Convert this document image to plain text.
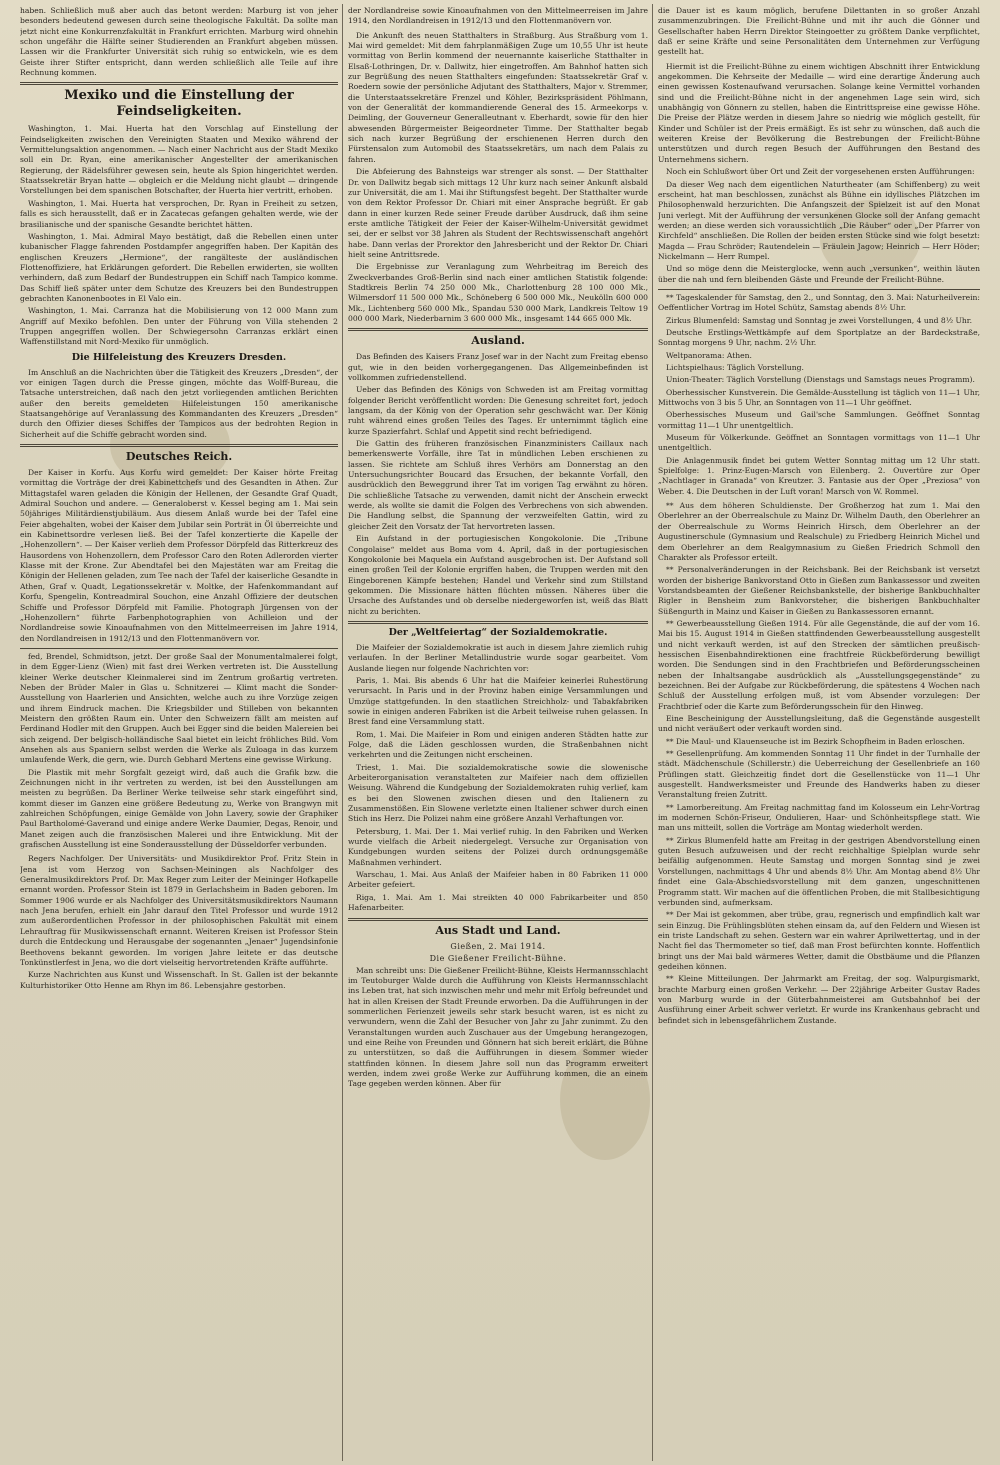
haben. Schließlich muß aber auch das betont werden: Marburg ist von jeher besonders bedeutend gewesen durch seine theologische Fakultät. Da sollte man jetzt nicht eine Konkurrenzfakultät in Frankfurt errichten. Marburg wird ohnehin schon ungefähr die Hälfte seiner Studierenden an Frankfurt abgeben müssen. Lassen wir die Frankfurter Universität sich ruhig so entwickeln, wie es dem Geiste ihrer Stifter entspricht, dann werden schließlich alle Teile auf ihre Rechnung kommen.

Mexiko und die Einstellung der Feindseligkeiten.

Washington, 1. Mai. Huerta hat den Vorschlag auf Einstellung der Feindseligkeiten zwischen den Vereinigten Staaten und Mexiko während der Vermittelungsaktion angenommen. — Nach einer Nachricht aus der Stadt Mexiko soll ein Dr. Ryan, eine amerikanischer Angestellter der amerikanischen Regierung, der Rädelsführer gewesen sein, heute als Spion hingerichtet werden. Staatssekretär Bryan hatte — obgleich er die Meldung nicht glaubt — dringende Vorstellungen bei dem spanischen Botschafter, der Huerta hier vertritt, erhoben.

Washington, 1. Mai. Huerta hat versprochen, Dr. Ryan in Freiheit zu setzen, falls es sich herausstellt, daß er in Zacatecas gefangen gehalten werde, wie der brasilianische und der spanische Gesandte berichtet hätten.

Washington, 1. Mai. Admiral Mayo bestätigt, daß die Rebellen einen unter kubanischer Flagge fahrenden Postdampfer angegriffen haben. Der Kapitän des englischen Kreuzers „Hermione“, der rangälteste der ausländischen Flottenoffiziere, hat Erklärungen gefordert. Die Rebellen erwiderten, sie wollten verhindern, daß zum Bedarf der Bundestruppen ein Schiff nach Tampico komme. Das Schiff ließ später unter dem Schutze des Kreuzers bei den Bundestruppen gebrachten Kanonenbootes in El Valo ein.

Washington, 1. Mai. Carranza hat die Mobilisierung von 12 000 Mann zum Angriff auf Mexiko befohlen. Den unter der Führung von Villa stehenden 2 Truppen angegriffen wollen. Der Schwiegersohn Carranzas erklärt einen Waffenstillstand mit Nord-Mexiko für unmöglich.

Die Hilfeleistung des Kreuzers Dresden.

Im Anschluß an die Nachrichten über die Tätigkeit des Kreuzers „Dresden“, der vor einigen Tagen durch die Presse gingen, möchte das Wolff-Bureau, die Tatsache unterstreichen, daß nach den jetzt vorliegenden amtlichen Berichten außer den bereits gemeldeten Hilfeleistungen 150 amerikanische Staatsangehörige auf Veranlassung des Kommandanten des Kreuzers „Dresden“ durch den Offizier dieses Schiffes der Tampicos aus der bedrohten Region in Sicherheit auf die Schiffe gebracht worden sind.

Deutsches Reich.

Der Kaiser in Korfu. Aus Korfu wird gemeldet: Der Kaiser hörte Freitag vormittag die Vorträge der drei Kabinettchefs und des Gesandten in Athen. Zur Mittagstafel waren geladen die Königin der Hellenen, der Gesandte Graf Quadt, Admiral Souchon und andere. — Generaloberst v. Kessel beging am 1. Mai sein 50jähriges Militärdienstjubiläum. Aus diesem Anlaß wurde bei der Tafel eine Feier abgehalten, wobei der Kaiser dem Jubilar sein Porträt in Öl überreichte und ein Kabinettsordre verlesen ließ. Bei der Tafel konzertierte die Kapelle der „Hohenzollern“. — Der Kaiser verlieh dem Professor Dörpfeld das Ritterkreuz des Hausordens von Hohenzollern, dem Professor Caro den Roten Adlerorden vierter Klasse mit der Krone. Zur Abendtafel bei den Majestäten war am Freitag die Königin der Hellenen geladen, zum Tee nach der Tafel der kaiserliche Gesandte in Athen, Graf v. Quadt, Legationssekretär v. Moltke, der Hafenkommandant auf Korfu, Spengelin, Kontreadmiral Souchon, eine Anzahl Offiziere der deutschen Schiffe und Professor Dörpfeld mit Familie. Photograph Jürgensen von der „Hohenzollern“ führte Farbenphotographien von Achilleion und der Nordlandreise sowie Kinoaufnahmen von den Mittelmeerreisen im Jahre 1914, den Nordlandreisen in 1912/13 und den Flottenmanövern vor.

fed, Brendel, Schmidtson, jetzt. Der große Saal der Monumentalmalerei folgt, in dem Egger-Lienz (Wien) mit fast drei Werken vertreten ist. Die Ausstellung kleiner Werke deutscher Kleinmalerei sind im Zentrum großartig vertreten. Neben der Brüder Maler in Glas u. Schnitzerei — Klimt macht die Sonder-Ausstellung von Haarlerien und Ansichten, welche auch zu ihre Vorzüge zeigen und ihrem Eindruck machen. Die Kriegsbilder und Stilleben von bekannten Meistern den größten Raum ein. Unter den Schweizern fällt am meisten auf Ferdinand Hodler mit den Gruppen. Auch bei Egger sind die beiden Malereien bei sich zeigend. Der belgisch-holländische Saal bietet ein leicht fröhliches Bild. Vom Ansehen als aus Spaniern selbst werden die Werke als Zuloaga in das kurzem umlaufende Werk, die gern, wie. Durch Gebhard Mertens eine gewisse Wirkung.

Die Plastik mit mehr Sorgfalt gezeigt wird, daß auch die Grafik bzw. die Zeichnungen nicht in ihr vertreten zu werden, ist bei den Ausstellungen am meisten zu begrüßen. Da Berliner Werke teilweise sehr stark eingeführt sind, kommt dieser im Ganzen eine größere Bedeutung zu, Werke von Brangwyn mit zahlreichen Schöpfungen, einige Gemälde von John Lavery, sowie der Graphiker Paul Bartholomé-Gaverand und einige andere Werke Daumier, Degas, Renoir, und Manet zeigen auch die französischen Malerei und ihre Entwicklung. Mit der grafischen Ausstellung ist eine Sonderausstellung der Düsseldorfer verbunden.

Regers Nachfolger. Der Universitäts- und Musikdirektor Prof. Fritz Stein in Jena ist vom Herzog von Sachsen-Meiningen als Nachfolger des Generalmusikdirektors Prof. Dr. Max Reger zum Leiter der Meininger Hofkapelle ernannt worden. Professor Stein ist 1879 in Gerlachsheim in Baden geboren. Im Sommer 1906 wurde er als Nachfolger des Universitätsmusikdirektors Naumann nach Jena berufen, erhielt ein Jahr darauf den Titel Professor und wurde 1912 zum außerordentlichen Professor in der philosophischen Fakultät mit einem Lehrauftrag für Musikwissenschaft ernannt. Weiteren Kreisen ist Professor Stein durch die Entdeckung und Herausgabe der sogenannten „Jenaer“ Jugendsinfonie Beethovens bekannt geworden. Im vorigen Jahre leitete er das deutsche Tonkünstlerfest in Jena, wo die dort vielseitig hervortretenden Kräfte aufführte.

Kurze Nachrichten aus Kunst und Wissenschaft. In St. Gallen ist der bekannte Kulturhistoriker Otto Henne am Rhyn im 86. Lebensjahre gestorben.

der Nordlandreise sowie Kinoaufnahmen von den Mittelmeerreisen im Jahre 1914, den Nordlandreisen in 1912/13 und den Flottenmanövern vor.

Die Ankunft des neuen Statthalters in Straßburg. Aus Straßburg vom 1. Mai wird gemeldet: Mit dem fahrplanmäßigen Zuge um 10,55 Uhr ist heute vormittag von Berlin kommend der neuernannte kaiserliche Statthalter in Elsaß-Lothringen, Dr. v. Dallwitz, hier eingetroffen. Am Bahnhof hatten sich zur Begrüßung des neuen Statthalters eingefunden: Staatssekretär Graf v. Roedern sowie der persönliche Adjutant des Statthalters, Major v. Stremmer, die Unterstaatssekretäre Frenzel und Köhler, Bezirkspräsident Pöhlmann, von der Generalität der kommandierende General des 15. Armeekorps v. Deimling, der Gouverneur Generalleutnant v. Eberhardt, sowie für den hier abwesenden Bürgermeister Beigeordneter Timme. Der Statthalter begab sich nach kurzer Begrüßung der erschienenen Herren durch den Fürstensalon zum Automobil des Staatssekretärs, um nach dem Palais zu fahren.

Die Abfeierung des Bahnsteigs war strenger als sonst. — Der Statthalter Dr. von Dallwitz begab sich mittags 12 Uhr kurz nach seiner Ankunft alsbald zur Universität, die am 1. Mai ihr Stiftungsfest begeht. Der Statthalter wurde von dem Rektor Professor Dr. Chiari mit einer Ansprache begrüßt. Er gab dann in einer kurzen Rede seiner Freude darüber Ausdruck, daß ihm seine erste amtliche Tätigkeit der Feier der Kaiser-Wilhelm-Universität gewidmet sei, der er selbst vor 38 Jahren als Student der Rechtswissenschaft angehört habe. Dann verlas der Prorektor den Jahresbericht und der Rektor Dr. Chiari hielt seine Antrittsrede.

Die Ergebnisse zur Veranlagung zum Wehrbeitrag im Bereich des Zweckverbandes Groß-Berlin sind nach einer amtlichen Statistik folgende: Stadtkreis Berlin 74 250 000 Mk., Charlottenburg 28 100 000 Mk., Wilmersdorf 11 500 000 Mk., Schöneberg 6 500 000 Mk., Neukölln 600 000 Mk., Lichtenberg 560 000 Mk., Spandau 530 000 Mark, Landkreis Teltow 19 000 000 Mark, Niederbarnim 3 600 000 Mk., insgesamt 144 665 000 Mk.

Ausland.

Das Befinden des Kaisers Franz Josef war in der Nacht zum Freitag ebenso gut, wie in den beiden vorhergegangenen. Das Allgemeinbefinden ist vollkommen zufriedenstellend.

Ueber das Befinden des Königs von Schweden ist am Freitag vormittag folgender Bericht veröffentlicht worden: Die Genesung schreitet fort, jedoch langsam, da der König von der Operation sehr geschwächt war. Der König ruht während eines großen Teiles des Tages. Er unternimmt täglich eine kurze Spazierfahrt. Schlaf und Appetit sind recht befriedigend.

Die Gattin des früheren französischen Finanzministers Caillaux nach bemerkenswerte Vorfälle, ihre Tat in mündlichen Leben erschienen zu lassen. Sie richtete am Schluß ihres Verhörs am Donnerstag an den Untersuchungsrichter Boucard das Ersuchen, der bekannte Vorfall, den ausdrücklich den Beweggrund ihrer Tat im vorigen Tag erwähnt zu hören. Die schließliche Tatsache zu verwenden, damit nicht der Anschein erweckt werde, als wollte sie damit die Folgen des Verbrechens von sich abwenden. Die Handlung selbst, die Spannung der verzweifelten Gattin, wird zu gleicher Zeit den Vorsatz der Tat hervortreten lassen.

Ein Aufstand in der portugiesischen Kongokolonie. Die „Tribune Congolaise“ meldet aus Boma vom 4. April, daß in der portugiesischen Kongokolonie bei Maquela ein Aufstand ausgebrochen ist. Der Aufstand soll einen großen Teil der Kolonie ergriffen haben, die Truppen werden mit den Eingeborenen Kämpfe bestehen; Handel und Verkehr sind zum Stillstand gekommen. Die Missionare hätten flüchten müssen. Näheres über die Ursache des Aufstandes und ob derselbe niedergeworfen ist, weiß das Blatt nicht zu berichten.

Der „Weltfeiertag“ der Sozialdemokratie.

Die Maifeier der Sozialdemokratie ist auch in diesem Jahre ziemlich ruhig verlaufen. In der Berliner Metallindustrie wurde sogar gearbeitet. Vom Auslande liegen nur folgende Nachrichten vor:

Paris, 1. Mai. Bis abends 6 Uhr hat die Maifeier keinerlei Ruhestörung verursacht. In Paris und in der Provinz haben einige Versammlungen und Umzüge stattgefunden. In den staatlichen Streichholz- und Tabakfabriken sowie in einigen anderen Fabriken ist die Arbeit teilweise ruhen gelassen. In Brest fand eine Versammlung statt.

Rom, 1. Mai. Die Maifeier in Rom und einigen anderen Städten hatte zur Folge, daß die Läden geschlossen wurden, die Straßenbahnen nicht verkehrten und die Zeitungen nicht erscheinen.

Triest, 1. Mai. Die sozialdemokratische sowie die slowenische Arbeiterorganisation veranstalteten zur Maifeier nach dem offiziellen Weisung. Während die Kundgebung der Sozialdemokraten ruhig verlief, kam es bei den Slowenen zwischen diesen und den Italienern zu Zusammenstößen. Ein Slowene verletzte einen Italiener schwer durch einen Stich ins Herz. Die Polizei nahm eine größere Anzahl Verhaftungen vor.

Petersburg, 1. Mai. Der 1. Mai verlief ruhig. In den Fabriken und Werken wurde vielfach die Arbeit niedergelegt. Versuche zur Organisation von Kundgebungen wurden seitens der Polizei durch ordnungsgemäße Maßnahmen verhindert.

Warschau, 1. Mai. Aus Anlaß der Maifeier haben in 80 Fabriken 11 000 Arbeiter gefeiert.

Riga, 1. Mai. Am 1. Mai streikten 40 000 Fabrikarbeiter und 850 Hafenarbeiter.

Aus Stadt und Land.
Gießen, 2. Mai 1914.
Die Gießener Freilicht-Bühne.

Man schreibt uns: Die Gießener Freilicht-Bühne, Kleists Hermannsschlacht im Teutoburger Walde durch die Aufführung von Kleists Hermannsschlacht ins Leben trat, hat sich inzwischen mehr und mehr mit Erfolg befreundet und hat in allen Kreisen der Stadt Freunde erworben. Da die Aufführungen in der sommerlichen Ferienzeit jeweils sehr stark besucht waren, ist es nicht zu verwundern, wenn die Zahl der Besucher von Jahr zu Jahr zunimmt. Zu den Veranstaltungen wurden auch Zuschauer aus der Umgebung herangezogen, und eine Reihe von Freunden und Gönnern hat sich bereit erklärt, die Bühne zu unterstützen, so daß die Aufführungen in diesem Sommer wieder stattfinden können. In diesem Jahre soll nun das Programm erweitert werden, indem zwei große Werke zur Aufführung kommen, die an einem Tage gegeben werden können. Aber für

die Dauer ist es kaum möglich, berufene Dilettanten in so großer Anzahl zusammenzubringen. Die Freilicht-Bühne und mit ihr auch die Gönner und Gesellschafter haben Herrn Direktor Steingoetter zu größtem Danke verpflichtet, daß er seine Kräfte und seine Personalitäten dem Unternehmen zur Verfügung gestellt hat.

Hiermit ist die Freilicht-Bühne zu einem wichtigen Abschnitt ihrer Entwicklung angekommen. Die Kehrseite der Medaille — wird eine derartige Änderung auch einen gewissen Kostenaufwand verursachen. Solange keine Vermittel vorhanden sind und die Freilicht-Bühne nicht in der angenehmen Lage sein wird, sich unabhängig von Gönnern zu stellen, haben die Eintrittspreise eine gewisse Höhe. Die Preise der Plätze werden in diesem Jahre so niedrig wie möglich gestellt, für Kinder und Schüler ist der Preis ermäßigt. Es ist sehr zu wünschen, daß auch die weiteren Kreise der Bevölkerung die Bestrebungen der Freilicht-Bühne unterstützen und durch regen Besuch der Aufführungen den Bestand des Unternehmens sichern.

Noch ein Schlußwort über Ort und Zeit der vorgesehenen ersten Aufführungen:

Da dieser Weg nach dem eigentlichen Naturtheater (am Schiffenberg) zu weit erscheint, hat man beschlossen, zunächst als Bühne ein idyllisches Plätzchen im Philosophenwald herzurichten. Die Anfangszeit der Spielzeit ist auf den Monat Juni verlegt. Mit der Aufführung der versunkenen Glocke soll der Anfang gemacht werden; an diese werden sich voraussichtlich „Die Räuber“ oder „Der Pfarrer von Kirchfeld“ anschließen. Die Rollen der beiden ersten Stücke sind wie folgt besetzt: Magda — Frau Schröder; Rautendelein — Fräulein Jagow; Heinrich — Herr Höder; Nickelmann — Herr Rumpel.

Und so möge denn die Meisterglocke, wenn auch „versunken“, weithin läuten über die nah und fern bleibenden Gäste und Freunde der Freilicht-Bühne.

** Tageskalender für Samstag, den 2., und Sonntag, den 3. Mai: Naturheilverein: Oeffentlicher Vortrag im Hotel Schütz, Samstag abends 8½ Uhr.

Zirkus Blumenfeld: Samstag und Sonntag je zwei Vorstellungen, 4 und 8½ Uhr.

Deutsche Erstlings-Wettkämpfe auf dem Sportplatze an der Bardeckstraße, Sonntag morgens 9 Uhr, nachm. 2½ Uhr.

Weltpanorama: Athen.

Lichtspielhaus: Täglich Vorstellung.

Union-Theater: Täglich Vorstellung (Dienstags und Samstags neues Programm).

Oberhessischer Kunstverein. Die Gemälde-Ausstellung ist täglich von 11—1 Uhr, Mittwochs von 3 bis 5 Uhr, an Sonntagen von 11—1 Uhr geöffnet.

Oberhessisches Museum und Gail'sche Sammlungen. Geöffnet Sonntag vormittag 11—1 Uhr unentgeltlich.

Museum für Völkerkunde. Geöffnet an Sonntagen vormittags von 11—1 Uhr unentgeltlich.

Die Anlagenmusik findet bei gutem Wetter Sonntag mittag um 12 Uhr statt. Spielfolge: 1. Prinz-Eugen-Marsch von Eilenberg. 2. Ouvertüre zur Oper „Nachtlager in Granada“ von Kreutzer. 3. Fantasie aus der Oper „Preziosa“ von Weber. 4. Die Deutschen in der Luft voran! Marsch von W. Rommel.

** Aus dem höheren Schuldienste. Der Großherzog hat zum 1. Mai den Oberlehrer an der Oberrealschule zu Mainz Dr. Wilhelm Dauth, den Oberlehrer an der Oberrealschule zu Worms Heinrich Hirsch, dem Oberlehrer an der Augustinerschule (Gymnasium und Realschule) zu Friedberg Heinrich Michel und dem Oberlehrer an dem Realgymnasium zu Gießen Friedrich Schmoll den Charakter als Professor erteilt.

** Personalveränderungen in der Reichsbank. Bei der Reichsbank ist versetzt worden der bisherige Bankvorstand Otto in Gießen zum Bankassessor und zweiten Vorstandsbeamten der Gießener Reichsbankstelle, der bisherige Bankbuchhalter Rigler in Bensheim zum Bankvorsteher, die bisherigen Bankbuchhalter Süßengurth in Mainz und Kaiser in Gießen zu Bankassessoren ernannt.

** Gewerbeausstellung Gießen 1914. Für alle Gegenstände, die auf der vom 16. Mai bis 15. August 1914 in Gießen stattfindenden Gewerbeausstellung ausgestellt und nicht verkauft werden, ist auf den Strecken der sämtlichen preußisch-hessischen Eisenbahndirektionen eine frachtfreie Rückbeförderung bewilligt worden. Die Sendungen sind in den Frachtbriefen und Beförderungsscheinen neben der Inhaltsangabe ausdrücklich als „Ausstellungsgegenstände“ zu bezeichnen. Bei der Aufgabe zur Rückbeförderung, die spätestens 4 Wochen nach Schluß der Ausstellung erfolgen muß, ist vom Absender vorzulegen: Der Frachtbrief oder die Karte zum Beförderungsschein für den Hinweg.

Eine Bescheinigung der Ausstellungsleitung, daß die Gegenstände ausgestellt und nicht veräußert oder verkauft worden sind.

** Die Maul- und Klauenseuche ist im Bezirk Schopfheim in Baden erloschen.

** Gesellenprüfung. Am kommenden Sonntag 11 Uhr findet in der Turnhalle der städt. Mädchenschule (Schillerstr.) die Ueberreichung der Gesellenbriefe an 160 Prüflingen statt. Gleichzeitig findet dort die Gesellenstücke von 11—1 Uhr ausgestellt. Handwerksmeister und Freunde des Handwerks haben zu dieser Veranstaltung freien Zutritt.

** Lamorbereitung. Am Freitag nachmittag fand im Kolosseum ein Lehr-Vortrag im modernen Schön-Friseur, Ondulieren, Haar- und Schönheitspflege statt. Wie man uns mitteilt, sollen die Vorträge am Montag wiederholt werden.

** Zirkus Blumenfeld hatte am Freitag in der gestrigen Abendvorstellung einen guten Besuch aufzuweisen und der recht reichhaltige Spielplan wurde sehr beifällig aufgenommen. Heute Samstag und morgen Sonntag sind je zwei Vorstellungen, nachmittags 4 Uhr und abends 8½ Uhr. Am Montag abend 8½ Uhr findet eine Gala-Abschiedsvorstellung mit dem ganzen, ungeschnittenen Programm statt. Wir machen auf die öffentlichen Proben, die mit Stallbesichtigung verbunden sind, aufmerksam.

** Der Mai ist gekommen, aber trübe, grau, regnerisch und empfindlich kalt war sein Einzug. Die Frühlingsblüten stehen einsam da, auf den Feldern und Wiesen ist ein triste Landschaft zu sehen. Gestern war ein wahrer Aprilwettertag, und in der Nacht fiel das Thermometer so tief, daß man Frost befürchten konnte. Hoffentlich bringt uns der Mai bald wärmeres Wetter, damit die Obstbäume und die Pflanzen gedeihen können.

** Kleine Mitteilungen. Der Jahrmarkt am Freitag, der sog. Walpurgismarkt, brachte Marburg einen großen Verkehr. — Der 22jährige Arbeiter Gustav Rades von Marburg wurde in der Güterbahnmeisterei am Gutsbahnhof bei der Ausführung einer Arbeit schwer verletzt. Er wurde ins Krankenhaus gebracht und befindet sich in lebensgefährlichem Zustande.
